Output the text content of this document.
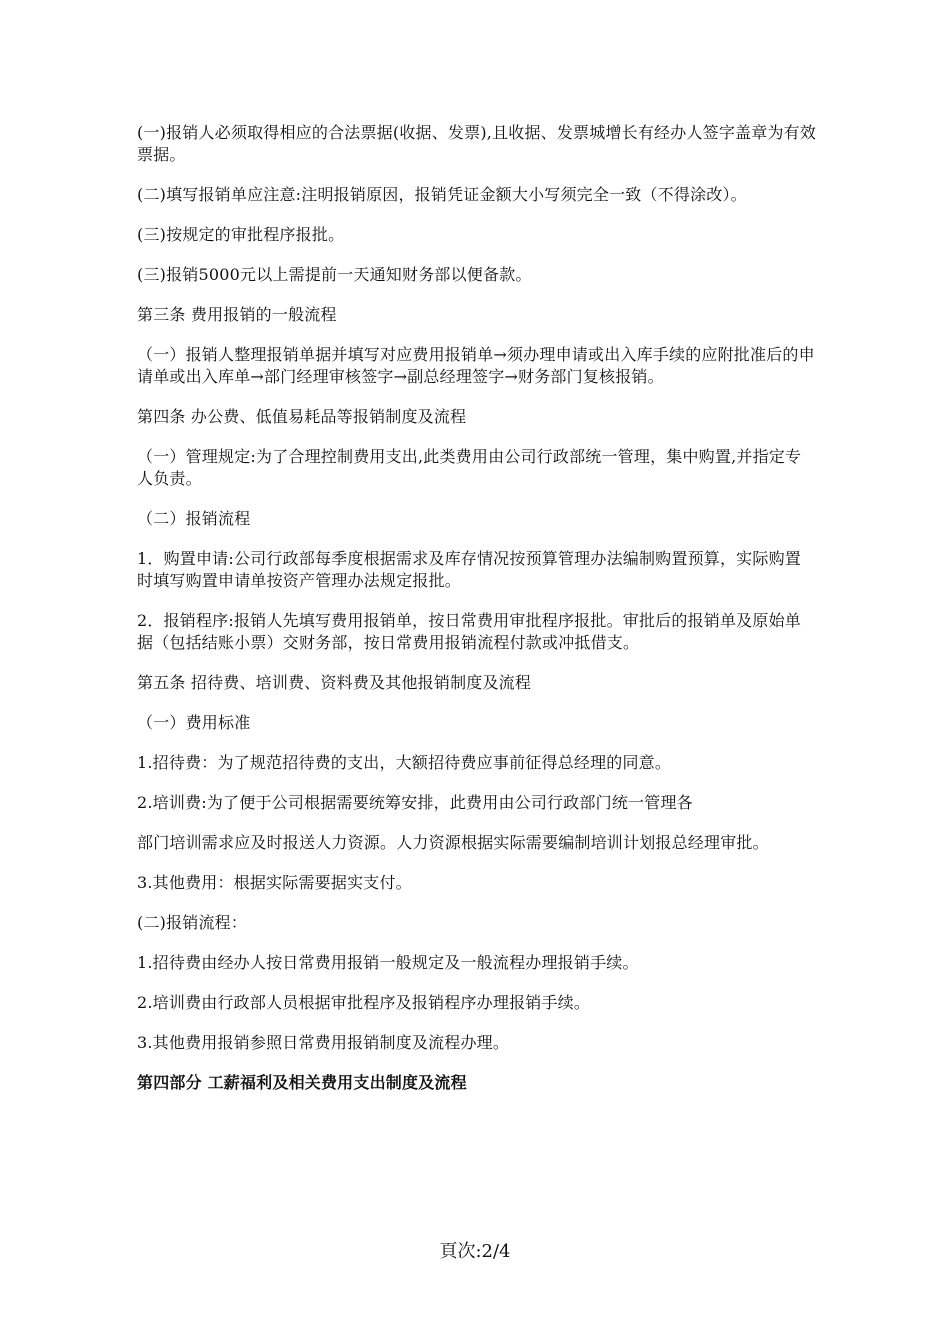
(一)报销人必须取得相应的合法票据(收据、发票),且收据、发票城增长有经办人签字盖章为有效票据。

(二)填写报销单应注意:注明报销原因，报销凭证金额大小写须完全一致（不得涂改）。

(三)按规定的审批程序报批。

(三)报销5000元以上需提前一天通知财务部以便备款。

第三条 费用报销的一般流程

（一）报销人整理报销单据并填写对应费用报销单→须办理申请或出入库手续的应附批准后的申请单或出入库单→部门经理审核签字→副总经理签字→财务部门复核报销。

第四条 办公费、低值易耗品等报销制度及流程

（一）管理规定:为了合理控制费用支出,此类费用由公司行政部统一管理，集中购置,并指定专人负责。

（二）报销流程

1．购置申请:公司行政部每季度根据需求及库存情况按预算管理办法编制购置预算，实际购置时填写购置申请单按资产管理办法规定报批。

2．报销程序:报销人先填写费用报销单，按日常费用审批程序报批。审批后的报销单及原始单据（包括结账小票）交财务部，按日常费用报销流程付款或冲抵借支。

第五条 招待费、培训费、资料费及其他报销制度及流程

（一）费用标准

1.招待费：为了规范招待费的支出，大额招待费应事前征得总经理的同意。

2.培训费:为了便于公司根据需要统筹安排，此费用由公司行政部门统一管理各

部门培训需求应及时报送人力资源。人力资源根据实际需要编制培训计划报总经理审批。

3.其他费用：根据实际需要据实支付。

(二)报销流程：

1.招待费由经办人按日常费用报销一般规定及一般流程办理报销手续。

2.培训费由行政部人员根据审批程序及报销程序办理报销手续。

3.其他费用报销参照日常费用报销制度及流程办理。

第四部分 工薪福利及相关费用支出制度及流程

頁次:2/4
